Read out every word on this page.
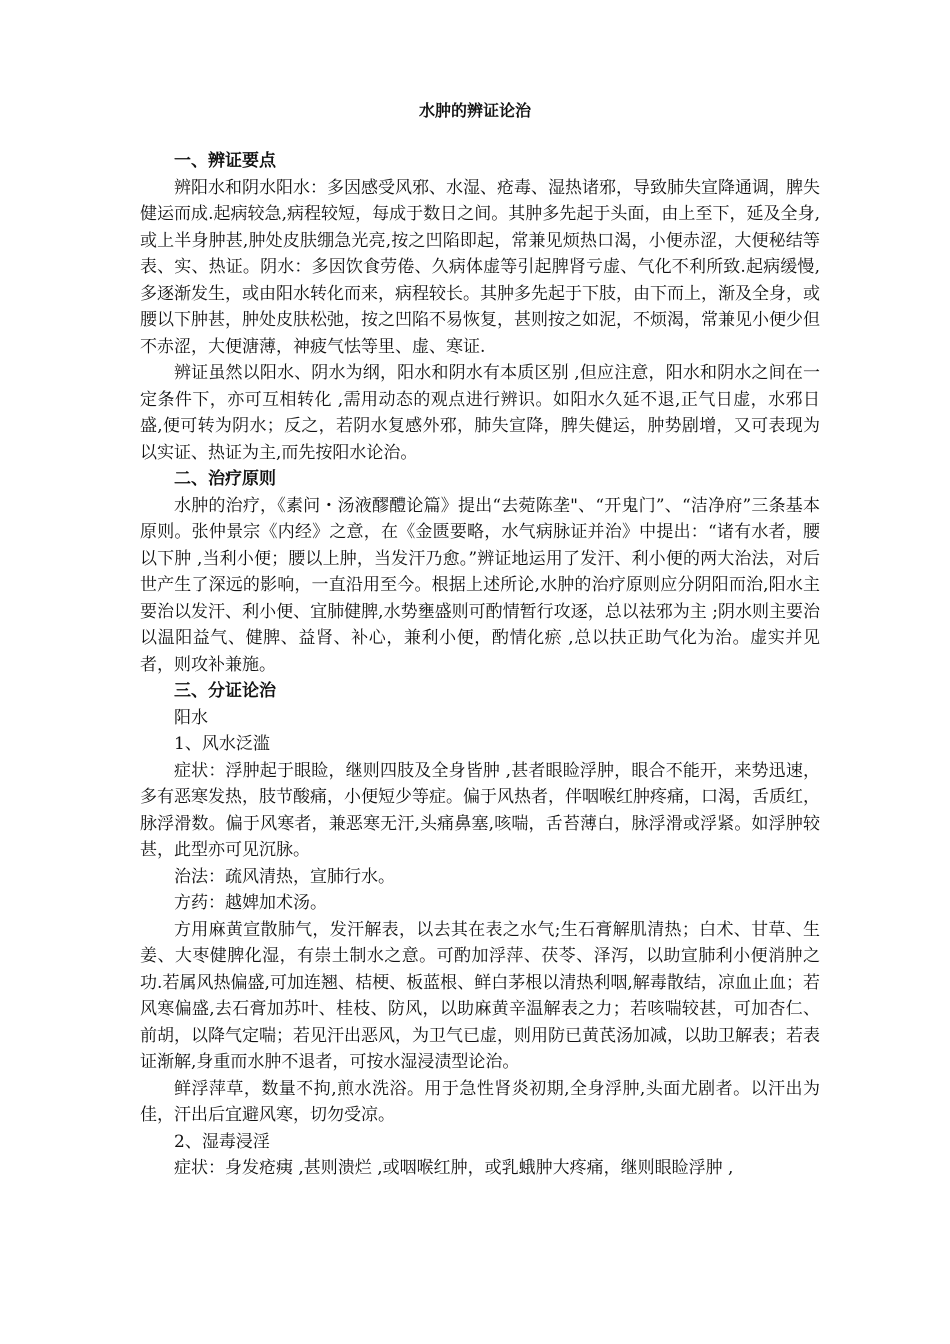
水肿的辨证论治

一、辨证要点

辨阳水和阴水阳水：多因感受风邪、水湿、疮毒、湿热诸邪，导致肺失宣降通调，脾失健运而成.起病较急,病程较短，每成于数日之间。其肿多先起于头面，由上至下，延及全身,或上半身肿甚,肿处皮肤绷急光亮,按之凹陷即起，常兼见烦热口渴，小便赤涩，大便秘结等表、实、热证。阴水：多因饮食劳倦、久病体虚等引起脾肾亏虚、气化不利所致.起病缓慢,多逐渐发生，或由阳水转化而来，病程较长。其肿多先起于下肢，由下而上，渐及全身，或腰以下肿甚，肿处皮肤松弛，按之凹陷不易恢复，甚则按之如泥，不烦渴，常兼见小便少但不赤涩，大便溏薄，神疲气怯等里、虚、寒证.

辨证虽然以阳水、阴水为纲，阳水和阴水有本质区别 ,但应注意，阳水和阴水之间在一定条件下，亦可互相转化 ,需用动态的观点进行辨识。如阳水久延不退,正气日虚，水邪日盛,便可转为阴水；反之，若阴水复感外邪，肺失宣降，脾失健运，肿势剧增，又可表现为以实证、热证为主,而先按阳水论治。

二、治疗原则

水肿的治疗，《素问・汤液醪醴论篇》提出“去菀陈垄"、“开鬼门”、“洁净府”三条基本原则。张仲景宗《内经》之意，在《金匮要略，水气病脉证并治》中提出：“诸有水者，腰以下肿 ,当利小便；腰以上肿，当发汗乃愈。”辨证地运用了发汗、利小便的两大治法，对后世产生了深远的影响，一直沿用至今。根据上述所论,水肿的治疗原则应分阴阳而治,阳水主要治以发汗、利小便、宜肺健脾,水势壅盛则可酌情暂行攻逐，总以祛邪为主 ;阴水则主要治以温阳益气、健脾、益肾、补心，兼利小便，酌情化瘀 ,总以扶正助气化为治。虚实并见者，则攻补兼施。

三、分证论治

阳水

1、风水泛滥

症状：浮肿起于眼睑，继则四肢及全身皆肿 ,甚者眼睑浮肿，眼合不能开，来势迅速，多有恶寒发热，肢节酸痛，小便短少等症。偏于风热者，伴咽喉红肿疼痛，口渴，舌质红，脉浮滑数。偏于风寒者，兼恶寒无汗,头痛鼻塞,咳喘，舌苔薄白，脉浮滑或浮紧。如浮肿较甚，此型亦可见沉脉。

治法：疏风清热，宣肺行水。

方药：越婢加术汤。

方用麻黄宣散肺气，发汗解表，以去其在表之水气;生石膏解肌清热；白术、甘草、生姜、大枣健脾化湿，有崇土制水之意。可酌加浮萍、茯苓、泽泻，以助宣肺利小便消肿之功.若属风热偏盛,可加连翘、桔梗、板蓝根、鲜白茅根以清热利咽,解毒散结，凉血止血；若风寒偏盛,去石膏加苏叶、桂枝、防风，以助麻黄辛温解表之力；若咳喘较甚，可加杏仁、前胡，以降气定喘；若见汗出恶风，为卫气已虚，则用防已黄芪汤加减，以助卫解表；若表证渐解,身重而水肿不退者，可按水湿浸渍型论治。

鲜浮萍草，数量不拘,煎水洗浴。用于急性肾炎初期,全身浮肿,头面尤剧者。以汗出为佳，汗出后宜避风寒，切勿受凉。

2、湿毒浸淫

症状：身发疮痍 ,甚则溃烂 ,或咽喉红肿，或乳蛾肿大疼痛，继则眼睑浮肿 ,
